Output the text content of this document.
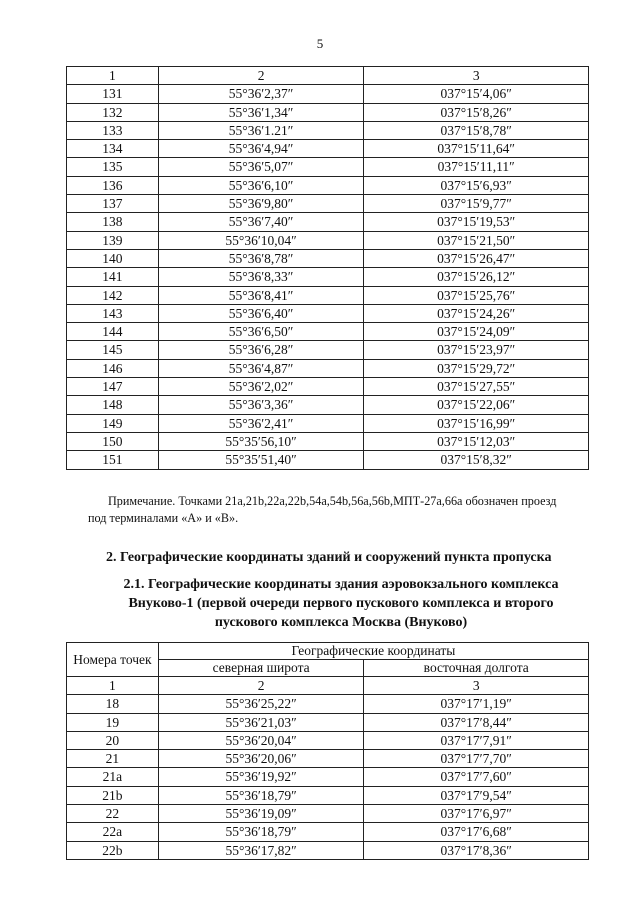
5
1	2	3
131	55°36′2,37″	037°15′4,06″
132	55°36′1,34″	037°15′8,26″
133	55°36′1.21″	037°15′8,78″
134	55°36′4,94″	037°15′11,64″
135	55°36′5,07″	037°15′11,11″
136	55°36′6,10″	037°15′6,93″
137	55°36′9,80″	037°15′9,77″
138	55°36′7,40″	037°15′19,53″
139	55°36′10,04″	037°15′21,50″
140	55°36′8,78″	037°15′26,47″
141	55°36′8,33″	037°15′26,12″
142	55°36′8,41″	037°15′25,76″
143	55°36′6,40″	037°15′24,26″
144	55°36′6,50″	037°15′24,09″
145	55°36′6,28″	037°15′23,97″
146	55°36′4,87″	037°15′29,72″
147	55°36′2,02″	037°15′27,55″
148	55°36′3,36″	037°15′22,06″
149	55°36′2,41″	037°15′16,99″
150	55°35′56,10″	037°15′12,03″
151	55°35′51,40″	037°15′8,32″
Примечание. Точками 21a,21b,22a,22b,54a,54b,56a,56b,МПТ-27a,66a обозначен проезд
под терминалами «A» и «B».
2. Географические координаты зданий и сооружений пункта пропуска
2.1. Географические координаты здания аэровокзального комплекса
Внуково-1 (первой очереди первого пускового комплекса и второго
пускового комплекса Москва (Внуково)
Номера точек	Географические координаты	
	северная широта	восточная долгота
1	2	3
18	55°36′25,22″	037°17′1,19″
19	55°36′21,03″	037°17′8,44″
20	55°36′20,04″	037°17′7,91″
21	55°36′20,06″	037°17′7,70″
21a	55°36′19,92″	037°17′7,60″
21b	55°36′18,79″	037°17′9,54″
22	55°36′19,09″	037°17′6,97″
22a	55°36′18,79″	037°17′6,68″
22b	55°36′17,82″	037°17′8,36″
